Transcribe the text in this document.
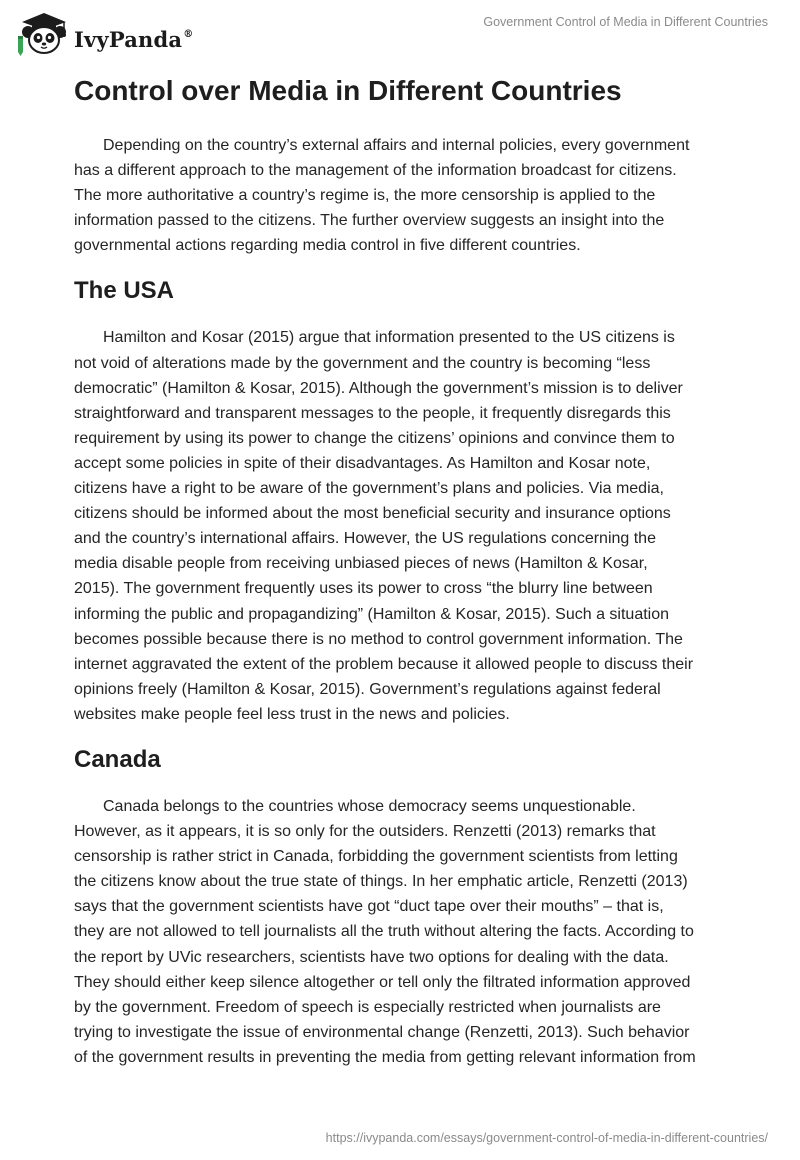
IvyPanda®
Government Control of Media in Different Countries
Control over Media in Different Countries
Depending on the country’s external affairs and internal policies, every government
has a different approach to the management of the information broadcast for citizens.
The more authoritative a country’s regime is, the more censorship is applied to the
information passed to the citizens. The further overview suggests an insight into the
governmental actions regarding media control in five different countries.
The USA
Hamilton and Kosar (2015) argue that information presented to the US citizens is
not void of alterations made by the government and the country is becoming “less
democratic” (Hamilton & Kosar, 2015). Although the government’s mission is to deliver
straightforward and transparent messages to the people, it frequently disregards this
requirement by using its power to change the citizens’ opinions and convince them to
accept some policies in spite of their disadvantages. As Hamilton and Kosar note,
citizens have a right to be aware of the government’s plans and policies. Via media,
citizens should be informed about the most beneficial security and insurance options
and the country’s international affairs. However, the US regulations concerning the
media disable people from receiving unbiased pieces of news (Hamilton & Kosar,
2015). The government frequently uses its power to cross “the blurry line between
informing the public and propagandizing” (Hamilton & Kosar, 2015). Such a situation
becomes possible because there is no method to control government information. The
internet aggravated the extent of the problem because it allowed people to discuss their
opinions freely (Hamilton & Kosar, 2015). Government’s regulations against federal
websites make people feel less trust in the news and policies.
Canada
Canada belongs to the countries whose democracy seems unquestionable.
However, as it appears, it is so only for the outsiders. Renzetti (2013) remarks that
censorship is rather strict in Canada, forbidding the government scientists from letting
the citizens know about the true state of things. In her emphatic article, Renzetti (2013)
says that the government scientists have got “duct tape over their mouths” – that is,
they are not allowed to tell journalists all the truth without altering the facts. According to
the report by UVic researchers, scientists have two options for dealing with the data.
They should either keep silence altogether or tell only the filtrated information approved
by the government. Freedom of speech is especially restricted when journalists are
trying to investigate the issue of environmental change (Renzetti, 2013). Such behavior
of the government results in preventing the media from getting relevant information from
https://ivypanda.com/essays/government-control-of-media-in-different-countries/
